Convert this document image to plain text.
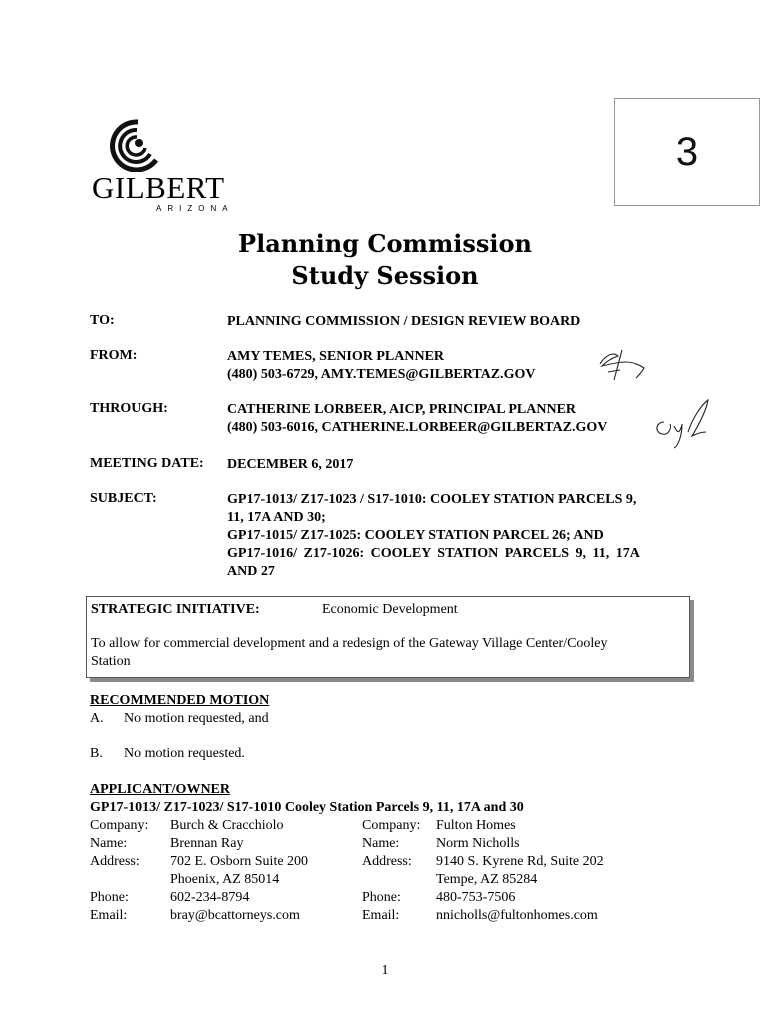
3
GILBERT
ARIZONA
Planning Commission
Study Session
TO:	PLANNING COMMISSION / DESIGN REVIEW BOARD
FROM:	AMY TEMES, SENIOR PLANNER
(480) 503-6729, AMY.TEMES@GILBERTAZ.GOV
THROUGH:	CATHERINE LORBEER, AICP, PRINCIPAL PLANNER
(480) 503-6016, CATHERINE.LORBEER@GILBERTAZ.GOV
MEETING DATE: DECEMBER 6, 2017
SUBJECT:	GP17-1013/ Z17-1023 / S17-1010: COOLEY STATION PARCELS 9,
11, 17A AND 30;
GP17-1015/ Z17-1025: COOLEY STATION PARCEL 26; AND
GP17-1016/ Z17-1026: COOLEY STATION PARCELS 9, 11, 17A
AND 27
STRATEGIC INITIATIVE:	Economic Development
To allow for commercial development and a redesign of the Gateway Village Center/Cooley
Station
RECOMMENDED MOTION
A. No motion requested, and
B. No motion requested.
APPLICANT/OWNER
GP17-1013/ Z17-1023/ S17-1010 Cooley Station Parcels 9, 11, 17A and 30
Company: Burch & Cracchiolo
Name:	Brennan Ray
Address: 702 E. Osborn Suite 200
Phoenix, AZ 85014
Phone:	602-234-8794
Email:	bray@bcattorneys.com
Company: Fulton Homes
Name:	Norm Nicholls
Address: 9140 S. Kyrene Rd, Suite 202
Tempe, AZ 85284
Phone:	480-753-7506
Email:	nnicholls@fultonhomes.com
1
